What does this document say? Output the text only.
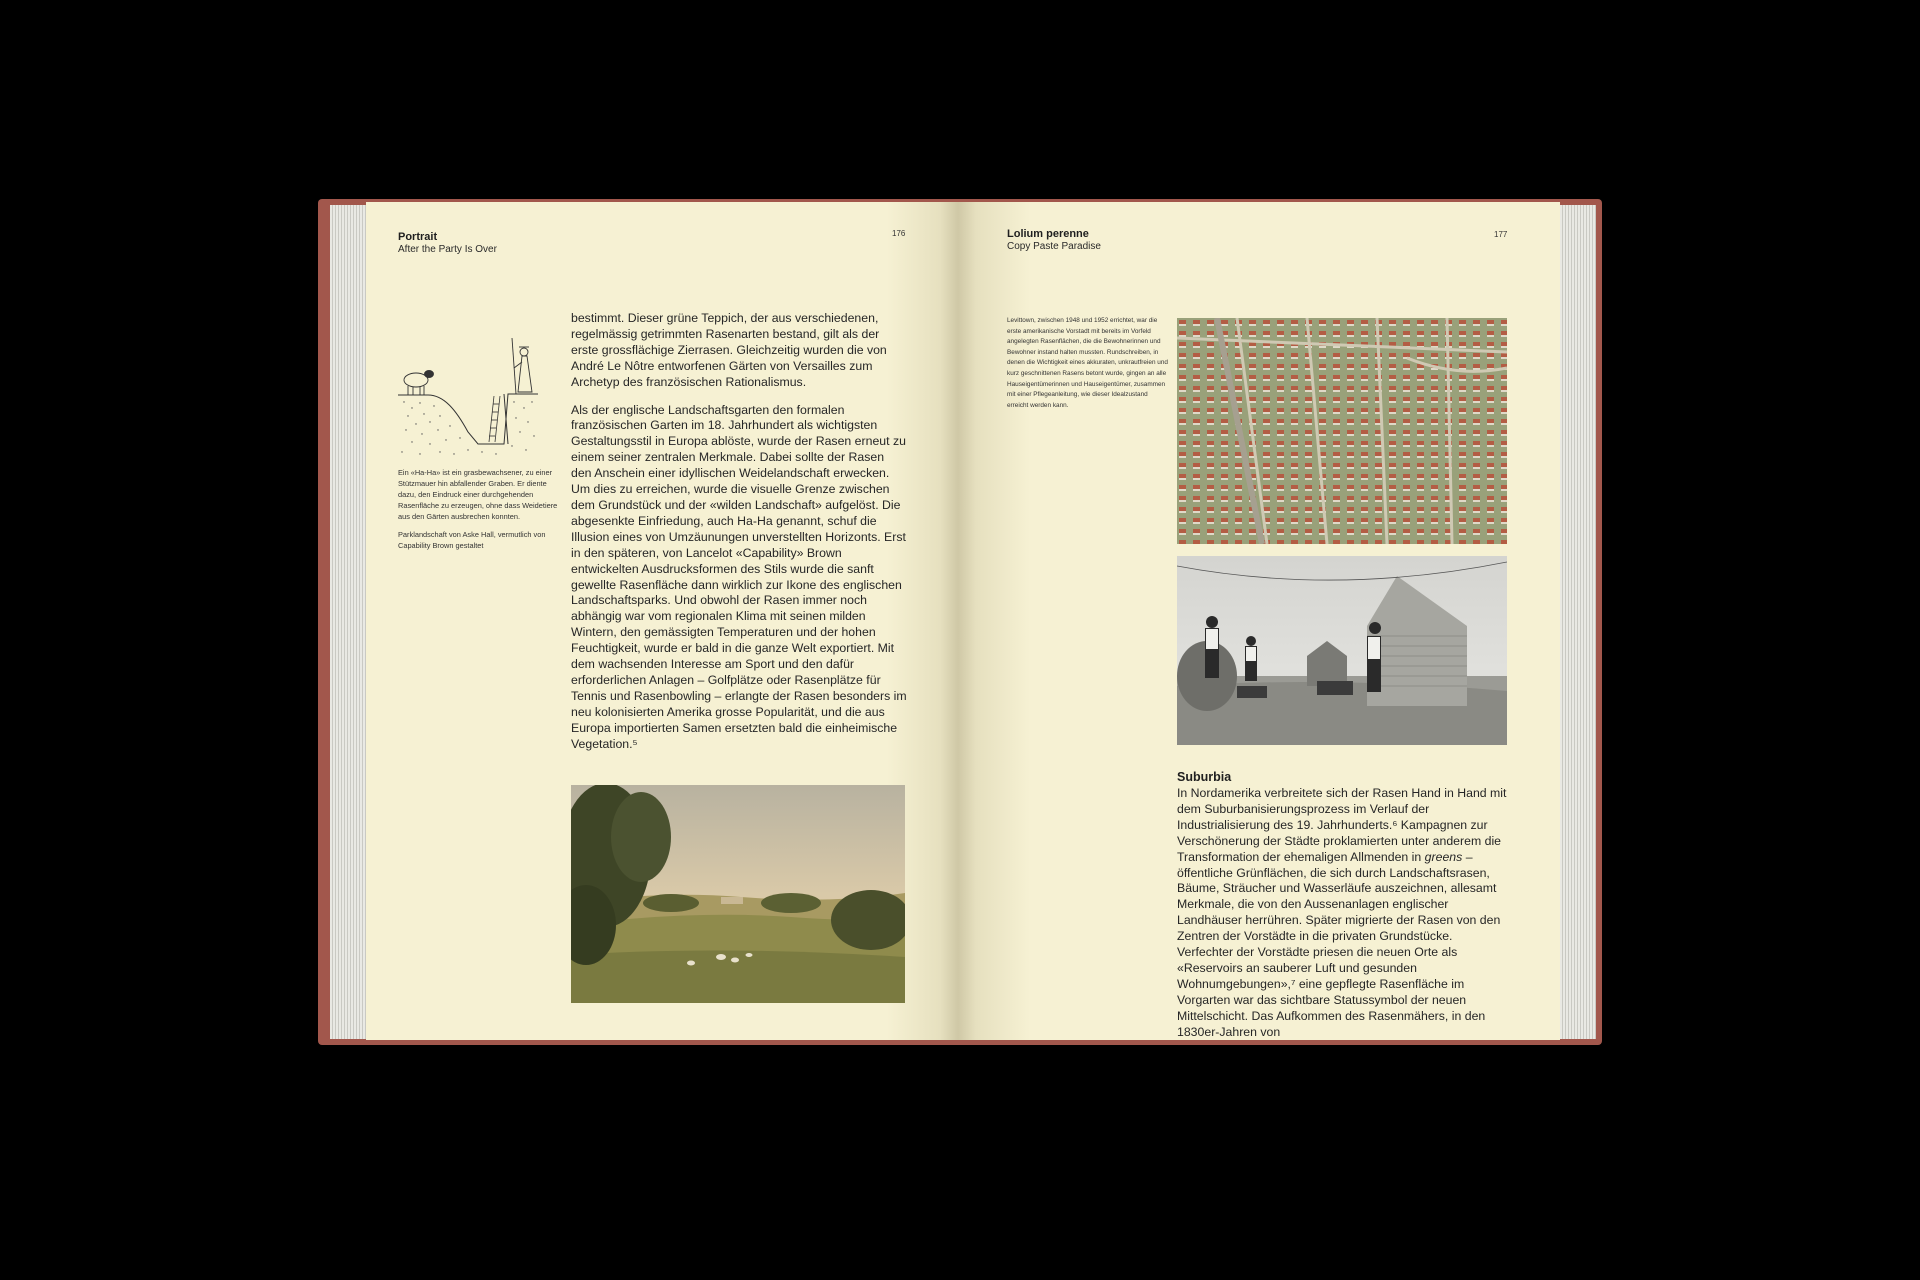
Portrait
After the Party Is Over
176

Ein «Ha-Ha» ist ein grasbewachsener, zu einer Stützmauer hin abfallender Graben. Er diente dazu, den Eindruck einer durchgehenden Rasenfläche zu erzeugen, ohne dass Weidetiere aus den Gärten ausbrechen konnten.

Parklandschaft von Aske Hall, vermutlich von Capability Brown gestaltet

bestimmt. Dieser grüne Teppich, der aus verschiedenen, regelmässig getrimmten Rasenarten bestand, gilt als der erste grossflächige Zierrasen. Gleichzeitig wurden die von André Le Nôtre entworfenen Gärten von Versailles zum Archetyp des französischen Rationalismus.

Als der englische Landschaftsgarten den formalen französischen Garten im 18. Jahrhundert als wichtigsten Gestaltungsstil in Europa ablöste, wurde der Rasen erneut zu einem seiner zentralen Merkmale. Dabei sollte der Rasen den Anschein einer idyllischen Weidelandschaft erwecken. Um dies zu erreichen, wurde die visuelle Grenze zwischen dem Grundstück und der «wilden Landschaft» aufgelöst. Die abgesenkte Einfriedung, auch Ha-Ha genannt, schuf die Illusion eines von Umzäunungen unverstellten Horizonts. Erst in den späteren, von Lancelot «Capability» Brown entwickelten Ausdrucksformen des Stils wurde die sanft gewellte Rasenfläche dann wirklich zur Ikone des englischen Landschaftsparks. Und obwohl der Rasen immer noch abhängig war vom regionalen Klima mit seinen milden Wintern, den gemässigten Temperaturen und der hohen Feuchtigkeit, wurde er bald in die ganze Welt exportiert. Mit dem wachsenden Interesse am Sport und den dafür erforderlichen Anlagen – Golfplätze oder Rasenplätze für Tennis und Rasenbowling – erlangte der Rasen besonders im neu kolonisierten Amerika grosse Popularität, und die aus Europa importierten Samen ersetzten bald die einheimische Vegetation.⁵

Lolium perenne
Copy Paste Paradise
177
Levittown, zwischen 1948 und 1952 errichtet, war die erste amerikanische Vorstadt mit bereits im Vorfeld angelegten Rasenflächen, die die Bewohnerinnen und Bewohner instand halten mussten. Rundschreiben, in denen die Wichtigkeit eines akkuraten, unkrautfreien und kurz geschnittenen Rasens betont wurde, gingen an alle Hauseigentümerinnen und Hauseigentümer, zusammen mit einer Pflegeanleitung, wie dieser Idealzustand erreicht werden kann.
Suburbia

In Nordamerika verbreitete sich der Rasen Hand in Hand mit dem Suburbanisierungsprozess im Verlauf der Industrialisierung des 19. Jahrhunderts.⁶ Kampagnen zur Verschönerung der Städte proklamierten unter anderem die Transformation der ehemaligen Allmenden in greens – öffentliche Grünflächen, die sich durch Landschaftsrasen, Bäume, Sträucher und Wasserläufe auszeichnen, allesamt Merkmale, die von den Aussenanlagen englischer Landhäuser herrühren. Später migrierte der Rasen von den Zentren der Vorstädte in die privaten Grundstücke. Verfechter der Vorstädte priesen die neuen Orte als «Reservoirs an sauberer Luft und gesunden Wohnumgebungen»,⁷ eine gepflegte Rasenfläche im Vorgarten war das sichtbare Statussymbol der neuen Mittelschicht. Das Aufkommen des Rasenmähers, in den 1830er-Jahren von
